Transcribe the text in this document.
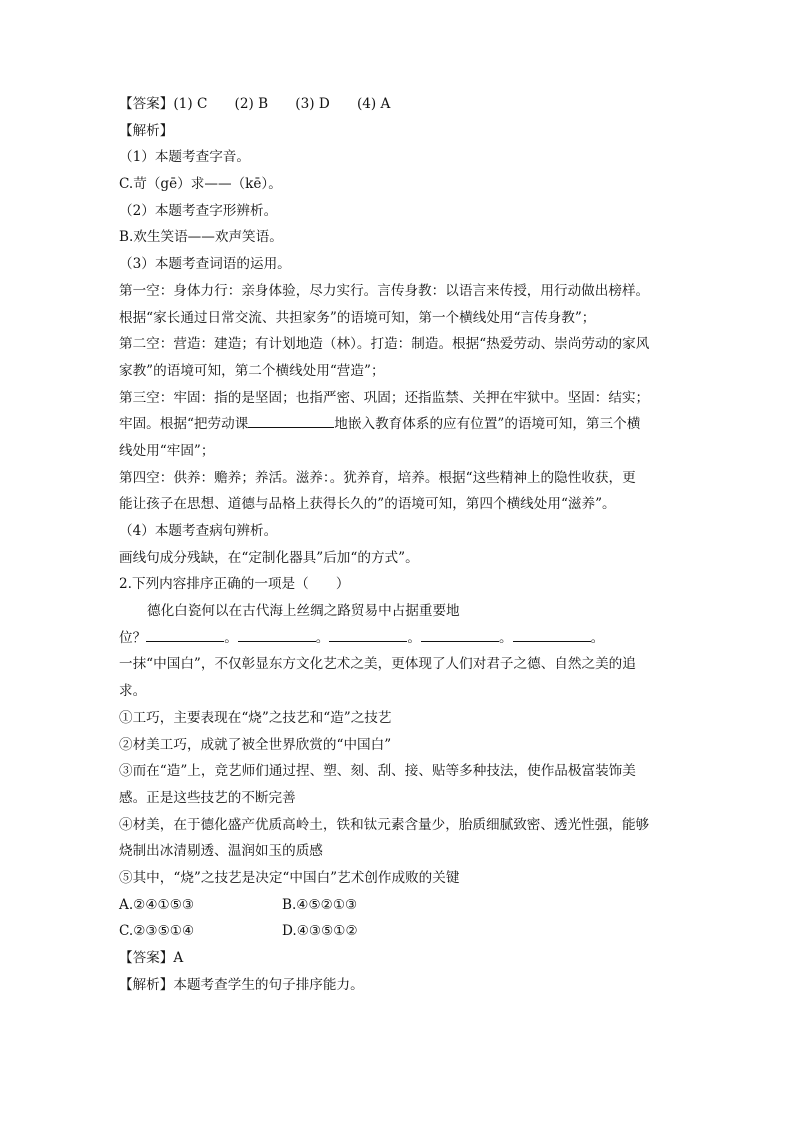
【答案】(1) C　　(2) B　　(3) D　　(4) A
【解析】
（1）本题考查字音。
C.苛（gē）求——（kē）。
（2）本题考查字形辨析。
B.欢生笑语——欢声笑语。
（3）本题考查词语的运用。
第一空：身体力行：亲身体验，尽力实行。言传身教：以语言来传授，用行动做出榜样。
根据“家长通过日常交流、共担家务”的语境可知，第一个横线处用“言传身教”；
第二空：营造：建造；有计划地造（林）。打造：制造。根据“热爱劳动、崇尚劳动的家风
家教”的语境可知，第二个横线处用“营造”；
第三空：牢固：指的是坚固；也指严密、巩固；还指监禁、关押在牢狱中。坚固：结实；
牢固。根据“把劳动课	地嵌入教育体系的应有位置”的语境可知，第三个横
线处用“牢固”；
第四空：供养：赡养；养活。滋养：。犹养育，培养。根据“这些精神上的隐性收获，更
能让孩子在思想、道德与品格上获得长久的”的语境可知，第四个横线处用“滋养”。
（4）本题考查病句辨析。
画线句成分残缺，在“定制化器具”后加“的方式”。
2.下列内容排序正确的一项是（　　）
德化白瓷何以在古代海上丝绸之路贸易中占据重要地
位？	。	。	。	。	。
一抹“中国白”，不仅彰显东方文化艺术之美，更体现了人们对君子之德、自然之美的追
求。
①工巧，主要表现在“烧”之技艺和“造”之技艺
②材美工巧，成就了被全世界欣赏的“中国白”
③而在“造”上，竞艺师们通过捏、塑、刻、刮、接、贴等多种技法，使作品极富装饰美
感。正是这些技艺的不断完善
④材美，在于德化盛产优质高岭土，铁和钛元素含量少，胎质细腻致密、透光性强，能够
烧制出冰清剔透、温润如玉的质感
⑤其中，“烧”之技艺是决定“中国白”艺术创作成败的关键
A.②④①⑤③	B.④⑤②①③
C.②③⑤①④	D.④③⑤①②
【答案】A
【解析】本题考查学生的句子排序能力。
